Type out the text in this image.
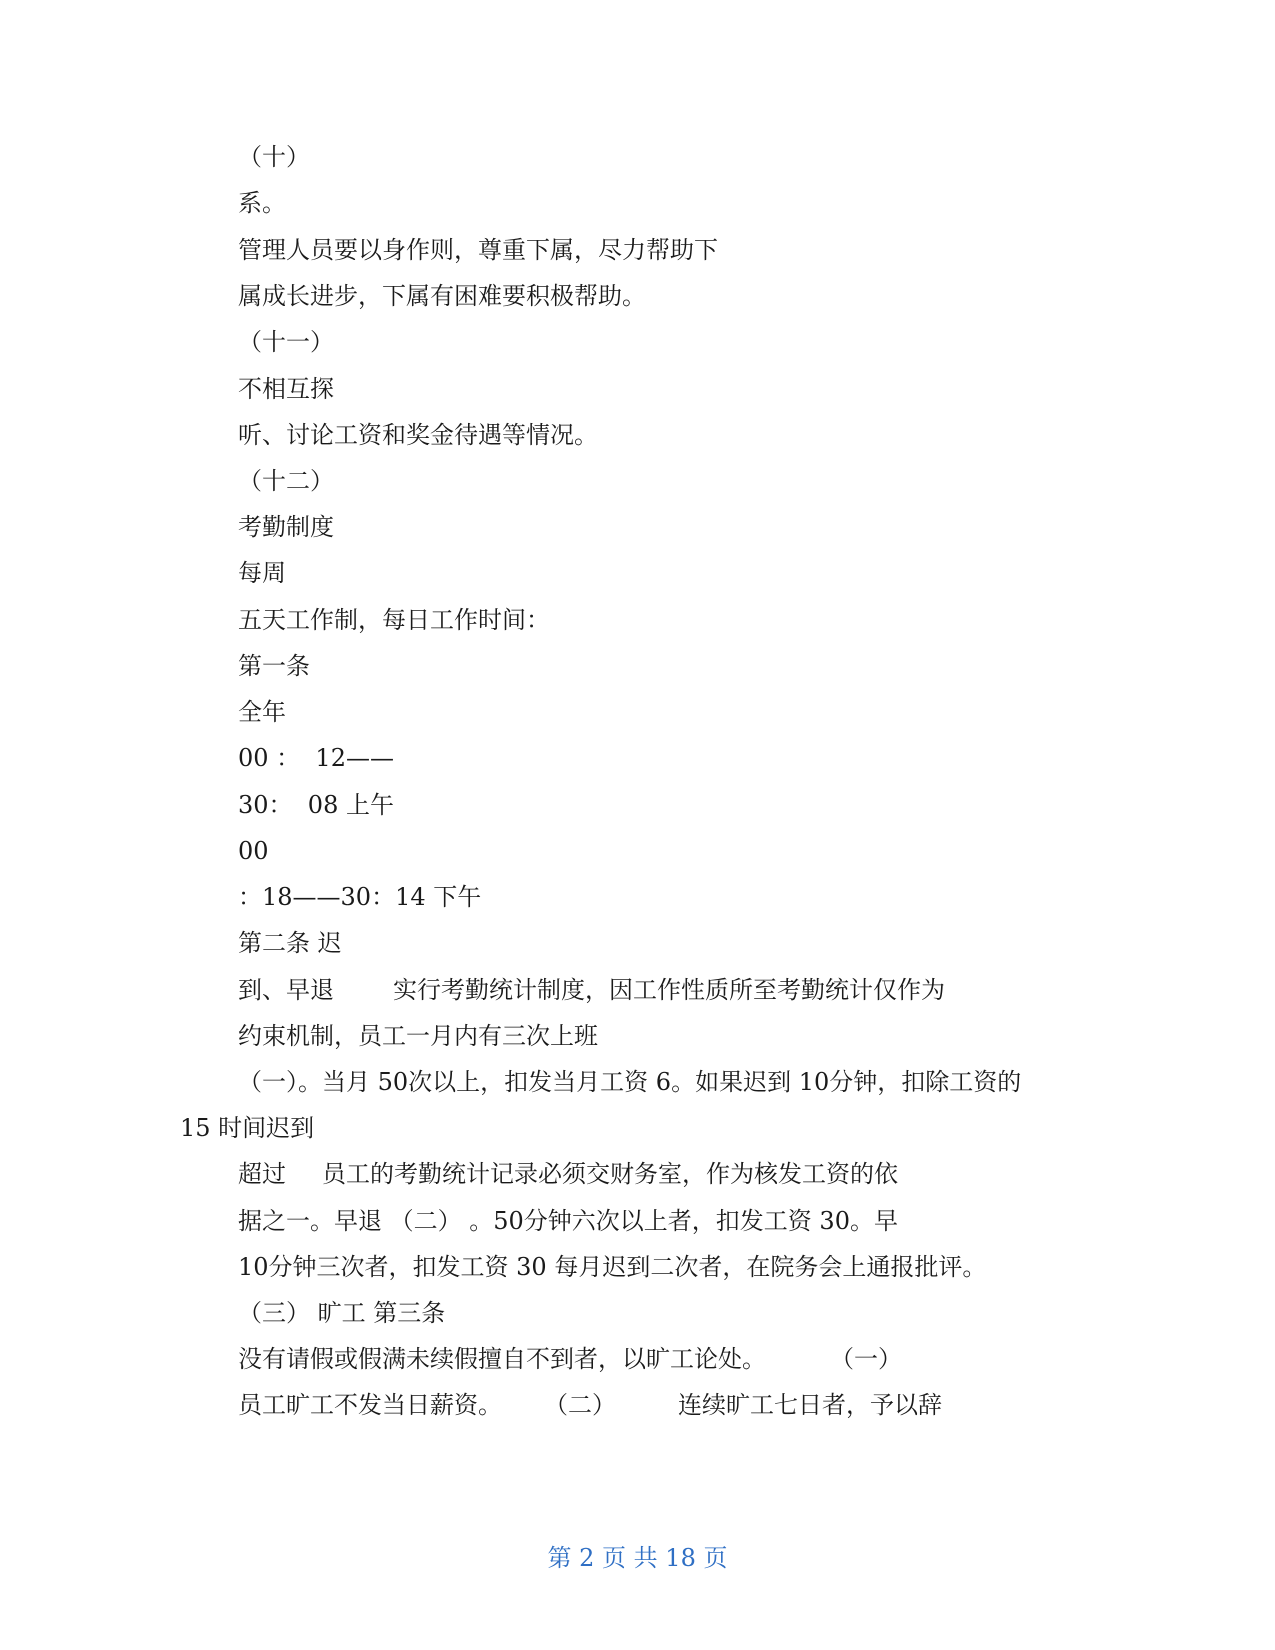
（十）
系。
管理人员要以身作则，尊重下属，尽力帮助下
属成长进步，下属有困难要积极帮助。
（十一）
不相互探
听、讨论工资和奖金待遇等情况。
（十二）
考勤制度
每周
五天工作制，每日工作时间：
第一条
全年
00 ：  12——
30：  08 上午
00
：18——30：14 下午
第二条 迟
到、早退 实行考勤统计制度，因工作性质所至考勤统计仅作为
约束机制，员工一月内有三次上班
（一）。当月 50次以上，扣发当月工资 6。如果迟到 10分钟，扣除工资的
15 时间迟到
超过 员工的考勤统计记录必须交财务室，作为核发工资的依
据之一。早退 （二） 。50分钟六次以上者，扣发工资 30。早
10分钟三次者，扣发工资 30 每月迟到二次者，在院务会上通报批评。
（三） 旷工 第三条
没有请假或假满未续假擅自不到者，以旷工论处。	（一）
员工旷工不发当日薪资。 （二）	连续旷工七日者，予以辞
第 2 页 共 18 页
